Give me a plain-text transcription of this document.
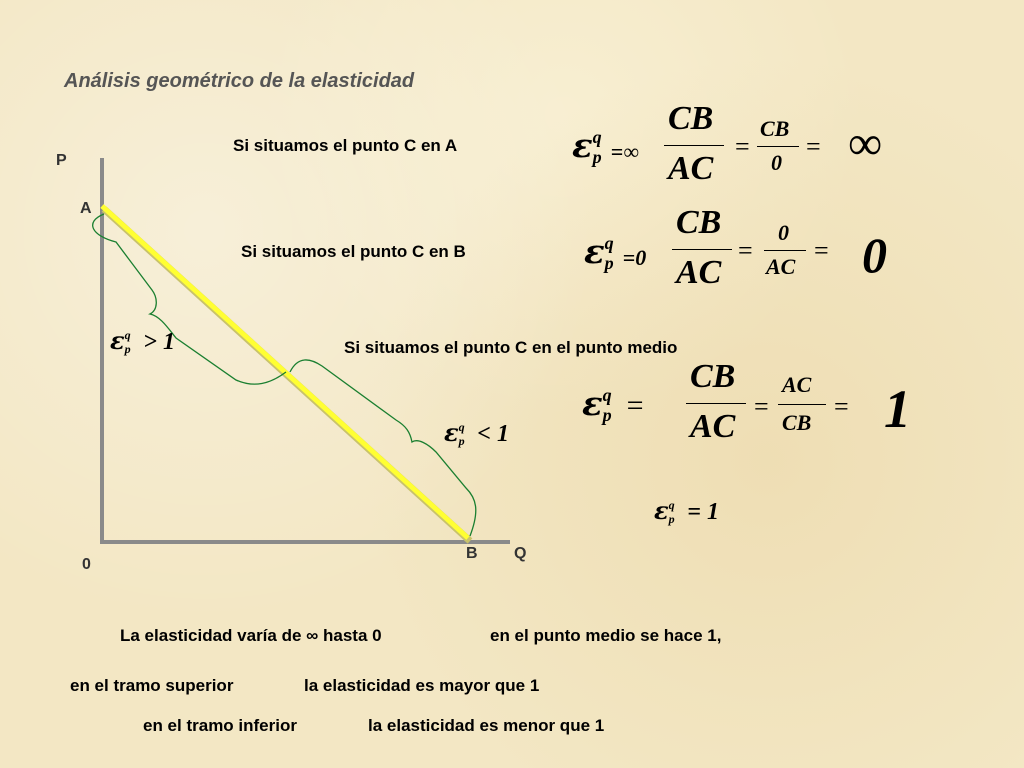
Análisis geométrico de la elasticidad
P
A
0
B Q
$\varepsilon^qp > 1$
$\varepsilon^qp < 1$
$\varepsilon^qp = 1$
Si situamos el punto C en A	$\varepsilon^qp$ =∞
CB
AC
=
CB
0
= ∞
Si situamos el punto C en B	$\varepsilon^qp =0$
CB
AC
=
0
AC
= 0
Si situamos el punto C en el punto medio
$\varepsilon^qp$ =
CB
AC
=
AC
CB
= 1
La elasticidad varía de ∞ hasta 0	en el punto medio se hace 1,
en el tramo superior	la elasticidad es mayor que 1
en el tramo inferior	la elasticidad es menor que 1
